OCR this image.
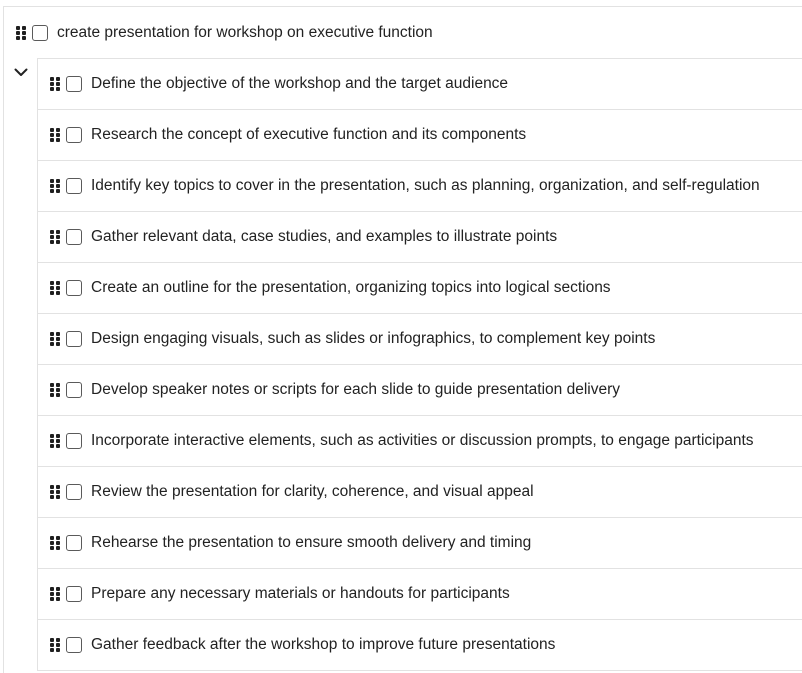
create presentation for workshop on executive function
Define the objective of the workshop and the target audience
Research the concept of executive function and its components
Identify key topics to cover in the presentation, such as planning, organization, and self-regulation
Gather relevant data, case studies, and examples to illustrate points
Create an outline for the presentation, organizing topics into logical sections
Design engaging visuals, such as slides or infographics, to complement key points
Develop speaker notes or scripts for each slide to guide presentation delivery
Incorporate interactive elements, such as activities or discussion prompts, to engage participants
Review the presentation for clarity, coherence, and visual appeal
Rehearse the presentation to ensure smooth delivery and timing
Prepare any necessary materials or handouts for participants
Gather feedback after the workshop to improve future presentations
